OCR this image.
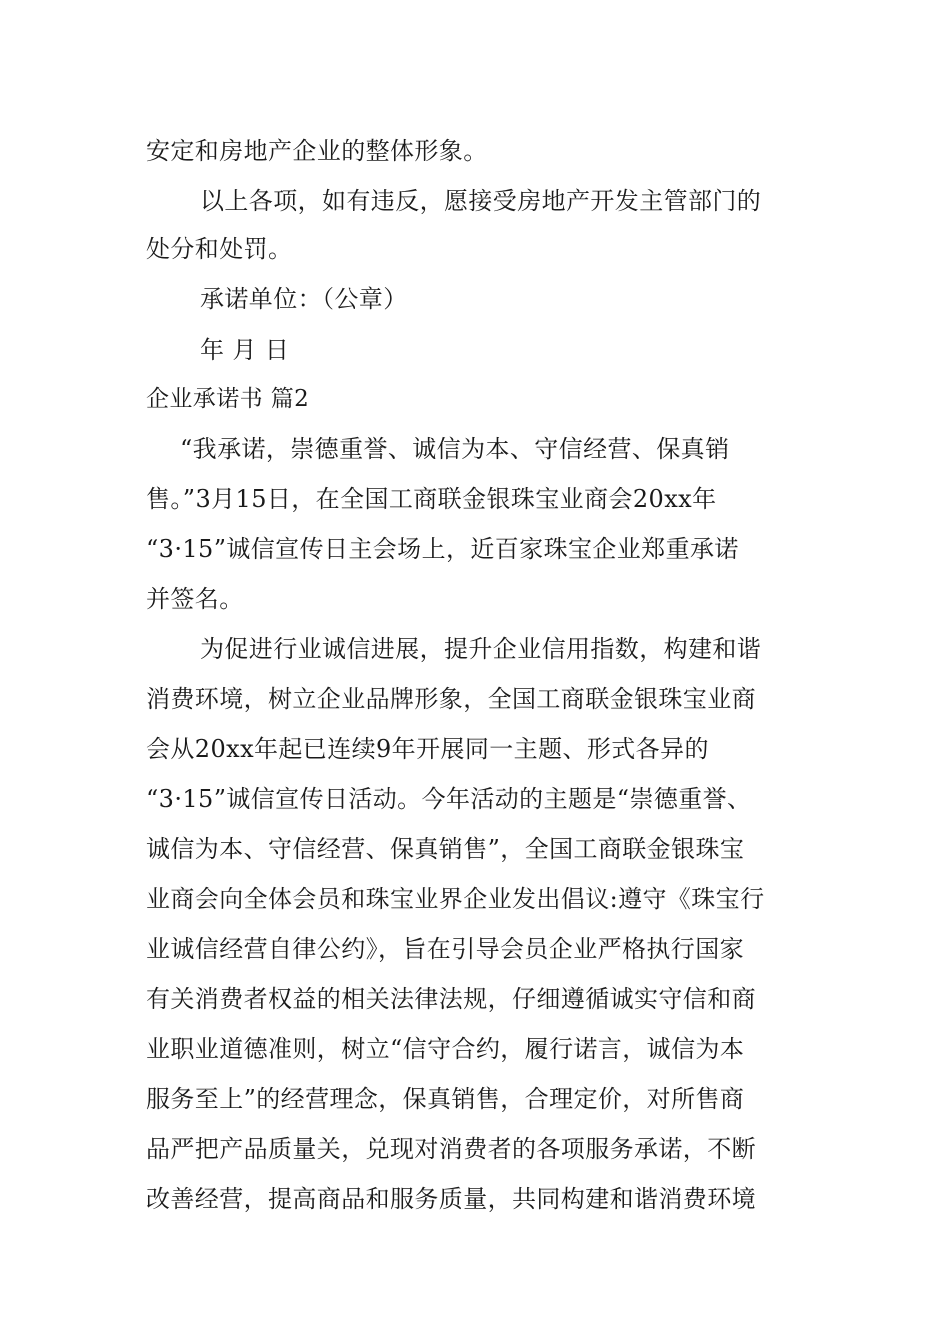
安定和房地产企业的整体形象。
以上各项，如有违反，愿接受房地产开发主管部门的
处分和处罚。
承诺单位：（公章）
年 月 日
企业承诺书 篇2
“我承诺，崇德重誉、诚信为本、守信经营、保真销
售。”3月15日，在全国工商联金银珠宝业商会20xx年
“3·15”诚信宣传日主会场上，近百家珠宝企业郑重承诺
并签名。
为促进行业诚信进展，提升企业信用指数，构建和谐
消费环境，树立企业品牌形象，全国工商联金银珠宝业商
会从20xx年起已连续9年开展同一主题、形式各异的
“3·15”诚信宣传日活动。今年活动的主题是“崇德重誉、
诚信为本、守信经营、保真销售”，全国工商联金银珠宝
业商会向全体会员和珠宝业界企业发出倡议:遵守《珠宝行
业诚信经营自律公约》，旨在引导会员企业严格执行国家
有关消费者权益的相关法律法规，仔细遵循诚实守信和商
业职业道德准则，树立“信守合约，履行诺言，诚信为本
服务至上”的经营理念，保真销售，合理定价，对所售商
品严把产品质量关，兑现对消费者的各项服务承诺，不断
改善经营，提高商品和服务质量，共同构建和谐消费环境
